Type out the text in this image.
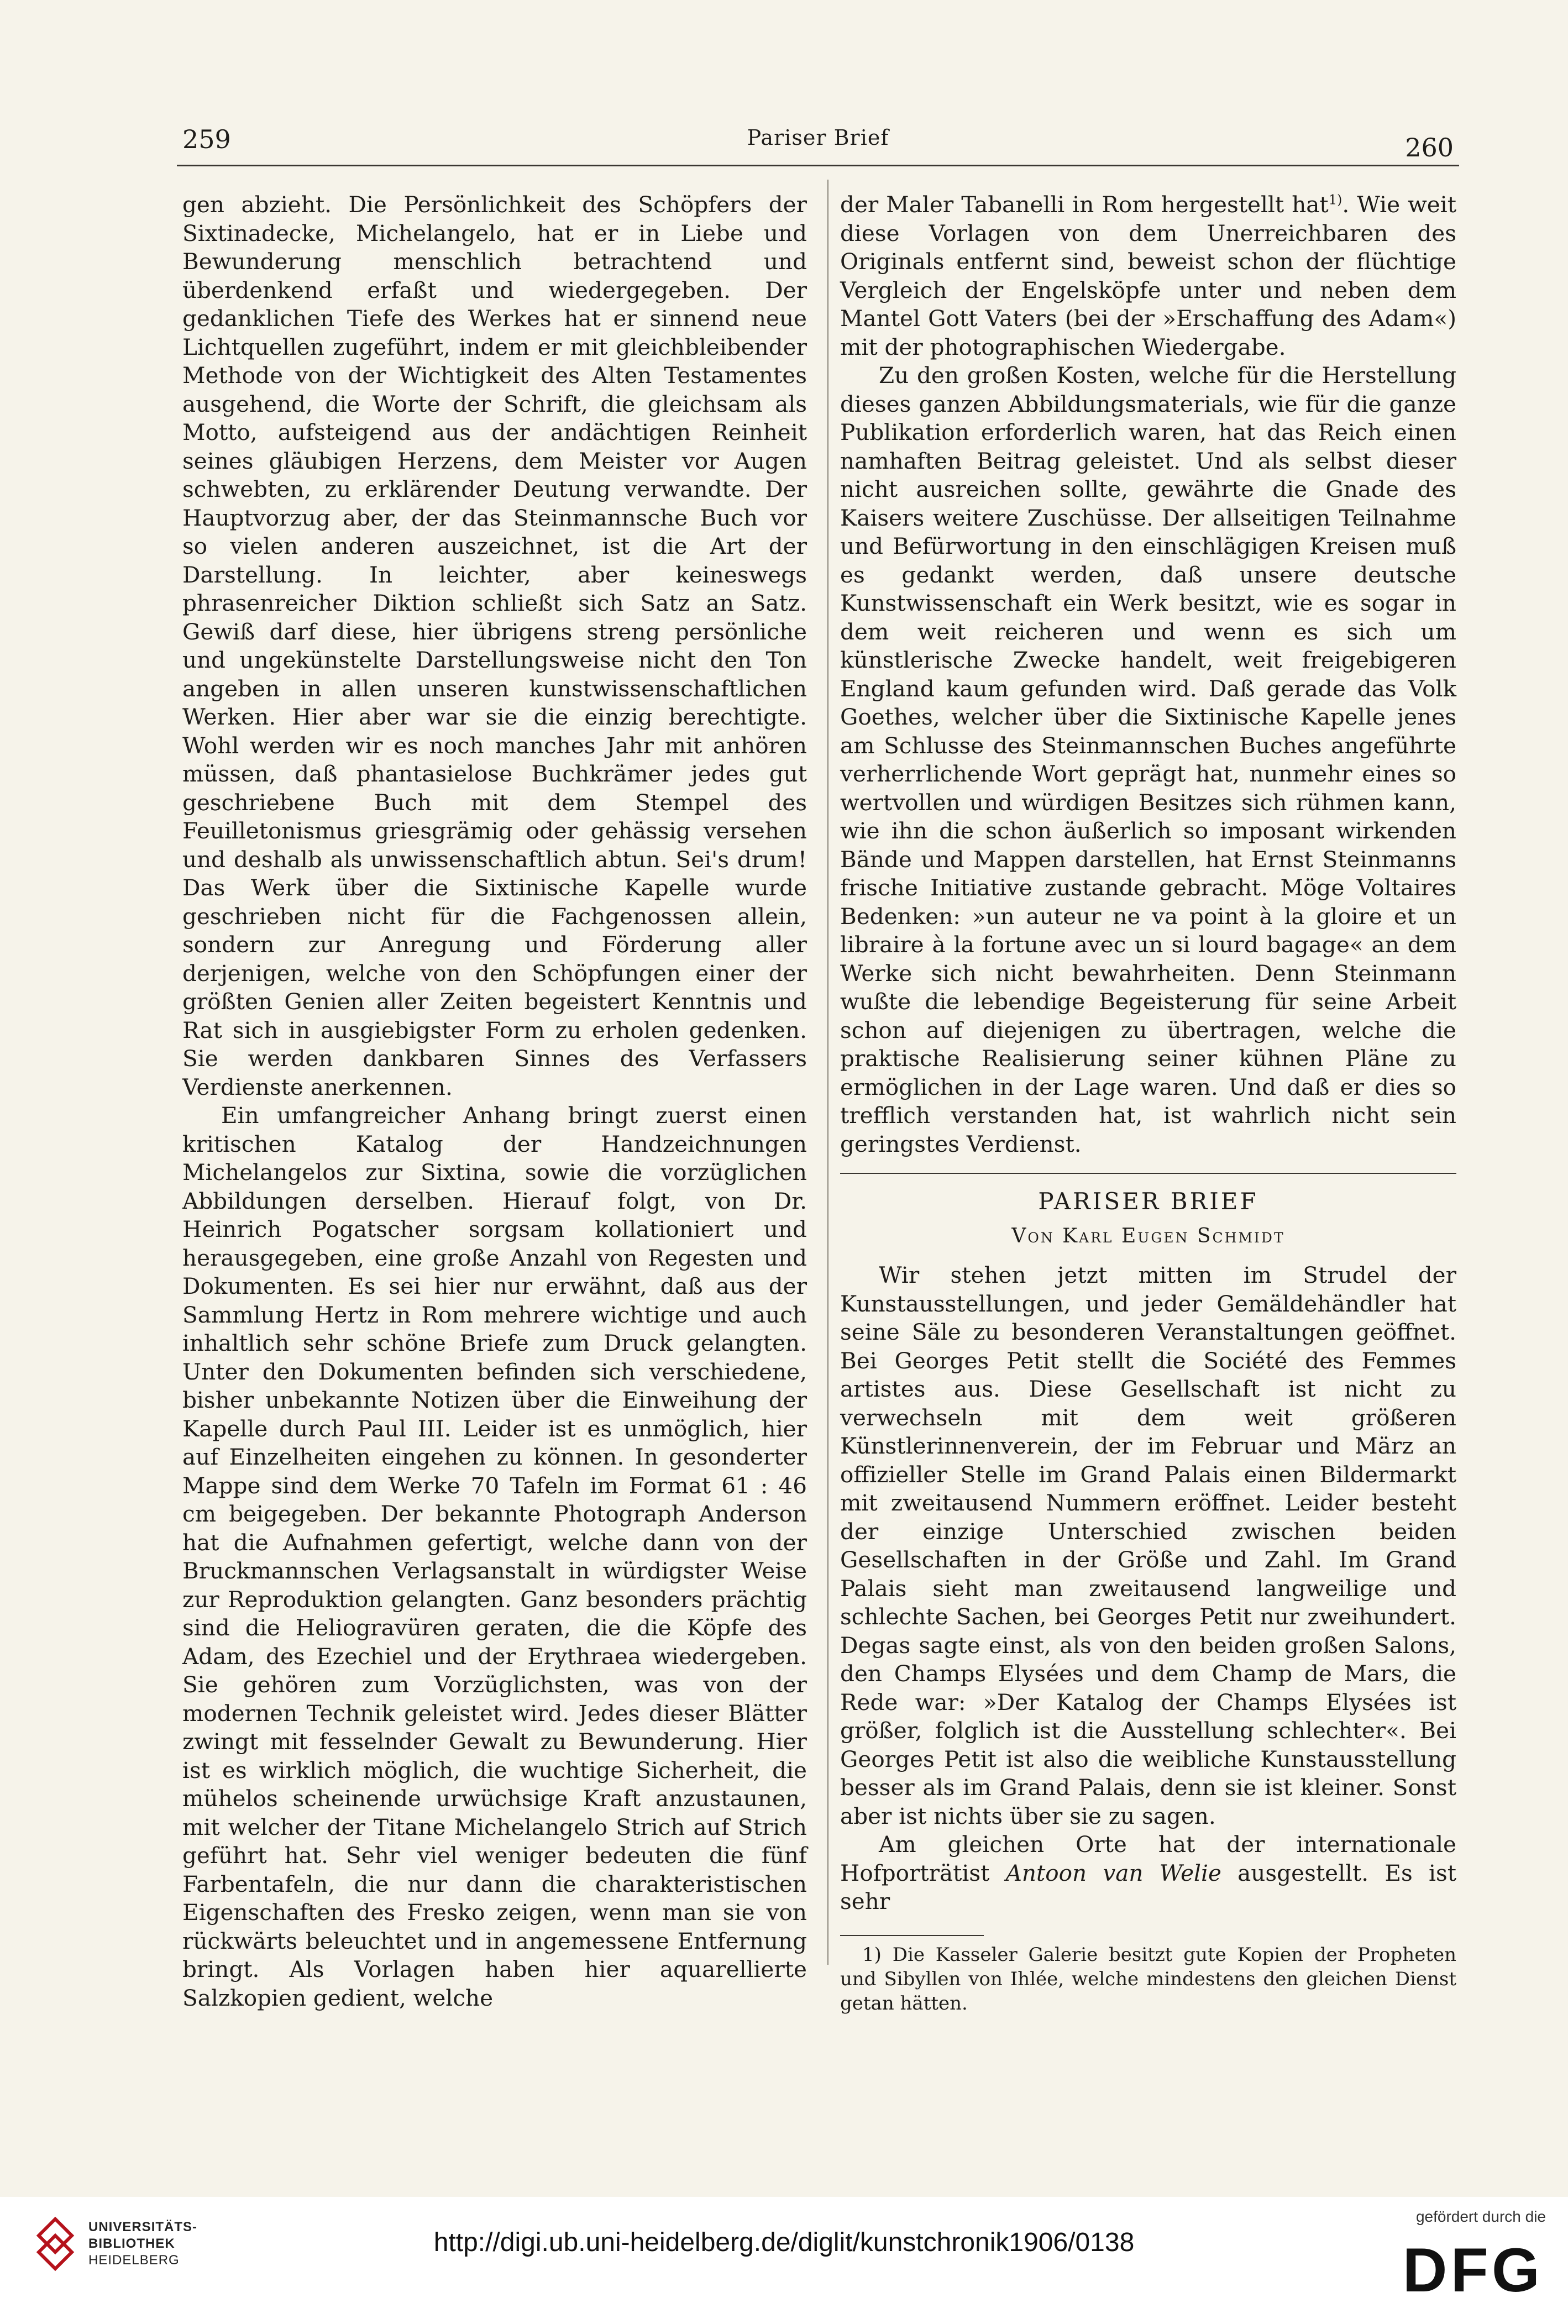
259	Pariser Brief	260

gen abzieht. Die Persönlichkeit des Schöpfers der Sixtinadecke, Michelangelo, hat er in Liebe und Bewunderung menschlich betrachtend und überdenkend erfaßt und wiedergegeben. Der gedanklichen Tiefe des Werkes hat er sinnend neue Lichtquellen zugeführt, indem er mit gleichbleibender Methode von der Wichtigkeit des Alten Testamentes ausgehend, die Worte der Schrift, die gleichsam als Motto, aufsteigend aus der andächtigen Reinheit seines gläubigen Herzens, dem Meister vor Augen schwebten, zu erklärender Deutung verwandte. Der Hauptvorzug aber, der das Steinmannsche Buch vor so vielen anderen auszeichnet, ist die Art der Darstellung. In leichter, aber keineswegs phrasenreicher Diktion schließt sich Satz an Satz. Gewiß darf diese, hier übrigens streng persönliche und ungekünstelte Darstellungsweise nicht den Ton angeben in allen unseren kunstwissenschaftlichen Werken. Hier aber war sie die einzig berechtigte. Wohl werden wir es noch manches Jahr mit anhören müssen, daß phantasielose Buchkrämer jedes gut geschriebene Buch mit dem Stempel des Feuilletonismus griesgrämig oder gehässig versehen und deshalb als unwissenschaftlich abtun. Sei's drum! Das Werk über die Sixtinische Kapelle wurde geschrieben nicht für die Fachgenossen allein, sondern zur Anregung und Förderung aller derjenigen, welche von den Schöpfungen einer der größten Genien aller Zeiten begeistert Kenntnis und Rat sich in ausgiebigster Form zu erholen gedenken. Sie werden dankbaren Sinnes des Verfassers Verdienste anerkennen.

Ein umfangreicher Anhang bringt zuerst einen kritischen Katalog der Handzeichnungen Michelangelos zur Sixtina, sowie die vorzüglichen Abbildungen derselben. Hierauf folgt, von Dr. Heinrich Pogatscher sorgsam kollationiert und herausgegeben, eine große Anzahl von Regesten und Dokumenten. Es sei hier nur erwähnt, daß aus der Sammlung Hertz in Rom mehrere wichtige und auch inhaltlich sehr schöne Briefe zum Druck gelangten. Unter den Dokumenten befinden sich verschiedene, bisher unbekannte Notizen über die Einweihung der Kapelle durch Paul III. Leider ist es unmöglich, hier auf Einzelheiten eingehen zu können. In gesonderter Mappe sind dem Werke 70 Tafeln im Format 61 : 46 cm beigegeben. Der bekannte Photograph Anderson hat die Aufnahmen gefertigt, welche dann von der Bruckmannschen Verlagsanstalt in würdigster Weise zur Reproduktion gelangten. Ganz besonders prächtig sind die Heliogravüren geraten, die die Köpfe des Adam, des Ezechiel und der Erythraea wiedergeben. Sie gehören zum Vorzüglichsten, was von der modernen Technik geleistet wird. Jedes dieser Blätter zwingt mit fesselnder Gewalt zu Bewunderung. Hier ist es wirklich möglich, die wuchtige Sicherheit, die mühelos scheinende urwüchsige Kraft anzustaunen, mit welcher der Titane Michelangelo Strich auf Strich geführt hat. Sehr viel weniger bedeuten die fünf Farbentafeln, die nur dann die charakteristischen Eigenschaften des Fresko zeigen, wenn man sie von rückwärts beleuchtet und in angemessene Entfernung bringt. Als Vorlagen haben hier aquarellierte Salzkopien gedient, welche

der Maler Tabanelli in Rom hergestellt hat$^{1)}$. Wie weit diese Vorlagen von dem Unerreichbaren des Originals entfernt sind, beweist schon der flüchtige Vergleich der Engelsköpfe unter und neben dem Mantel Gott Vaters (bei der »Erschaffung des Adam«) mit der photographischen Wiedergabe.

Zu den großen Kosten, welche für die Herstellung dieses ganzen Abbildungsmaterials, wie für die ganze Publikation erforderlich waren, hat das Reich einen namhaften Beitrag geleistet. Und als selbst dieser nicht ausreichen sollte, gewährte die Gnade des Kaisers weitere Zuschüsse. Der allseitigen Teilnahme und Befürwortung in den einschlägigen Kreisen muß es gedankt werden, daß unsere deutsche Kunstwissenschaft ein Werk besitzt, wie es sogar in dem weit reicheren und wenn es sich um künstlerische Zwecke handelt, weit freigebigeren England kaum gefunden wird. Daß gerade das Volk Goethes, welcher über die Sixtinische Kapelle jenes am Schlusse des Steinmannschen Buches angeführte verherrlichende Wort geprägt hat, nunmehr eines so wertvollen und würdigen Besitzes sich rühmen kann, wie ihn die schon äußerlich so imposant wirkenden Bände und Mappen darstellen, hat Ernst Steinmanns frische Initiative zustande gebracht. Möge Voltaires Bedenken: »un auteur ne va point à la gloire et un libraire à la fortune avec un si lourd bagage« an dem Werke sich nicht bewahrheiten. Denn Steinmann wußte die lebendige Begeisterung für seine Arbeit schon auf diejenigen zu übertragen, welche die praktische Realisierung seiner kühnen Pläne zu ermöglichen in der Lage waren. Und daß er dies so trefflich verstanden hat, ist wahrlich nicht sein geringstes Verdienst.

PARISER BRIEF
Von Karl Eugen Schmidt

Wir stehen jetzt mitten im Strudel der Kunstausstellungen, und jeder Gemäldehändler hat seine Säle zu besonderen Veranstaltungen geöffnet. Bei Georges Petit stellt die Société des Femmes artistes aus. Diese Gesellschaft ist nicht zu verwechseln mit dem weit größeren Künstlerinnenverein, der im Februar und März an offizieller Stelle im Grand Palais einen Bildermarkt mit zweitausend Nummern eröffnet. Leider besteht der einzige Unterschied zwischen beiden Gesellschaften in der Größe und Zahl. Im Grand Palais sieht man zweitausend langweilige und schlechte Sachen, bei Georges Petit nur zweihundert. Degas sagte einst, als von den beiden großen Salons, den Champs Elysées und dem Champ de Mars, die Rede war: »Der Katalog der Champs Elysées ist größer, folglich ist die Ausstellung schlechter«. Bei Georges Petit ist also die weibliche Kunstausstellung besser als im Grand Palais, denn sie ist kleiner. Sonst aber ist nichts über sie zu sagen.

Am gleichen Orte hat der internationale Hofporträtist Antoon van Welie ausgestellt. Es ist sehr

1) Die Kasseler Galerie besitzt gute Kopien der Propheten und Sibyllen von Ihlée, welche mindestens den gleichen Dienst getan hätten.

UNIVERSITÄTS-
BIBLIOTHEK
HEIDELBERG
http://digi.ub.uni-heidelberg.de/diglit/kunstchronik1906/0138
gefördert durch die
DFG
